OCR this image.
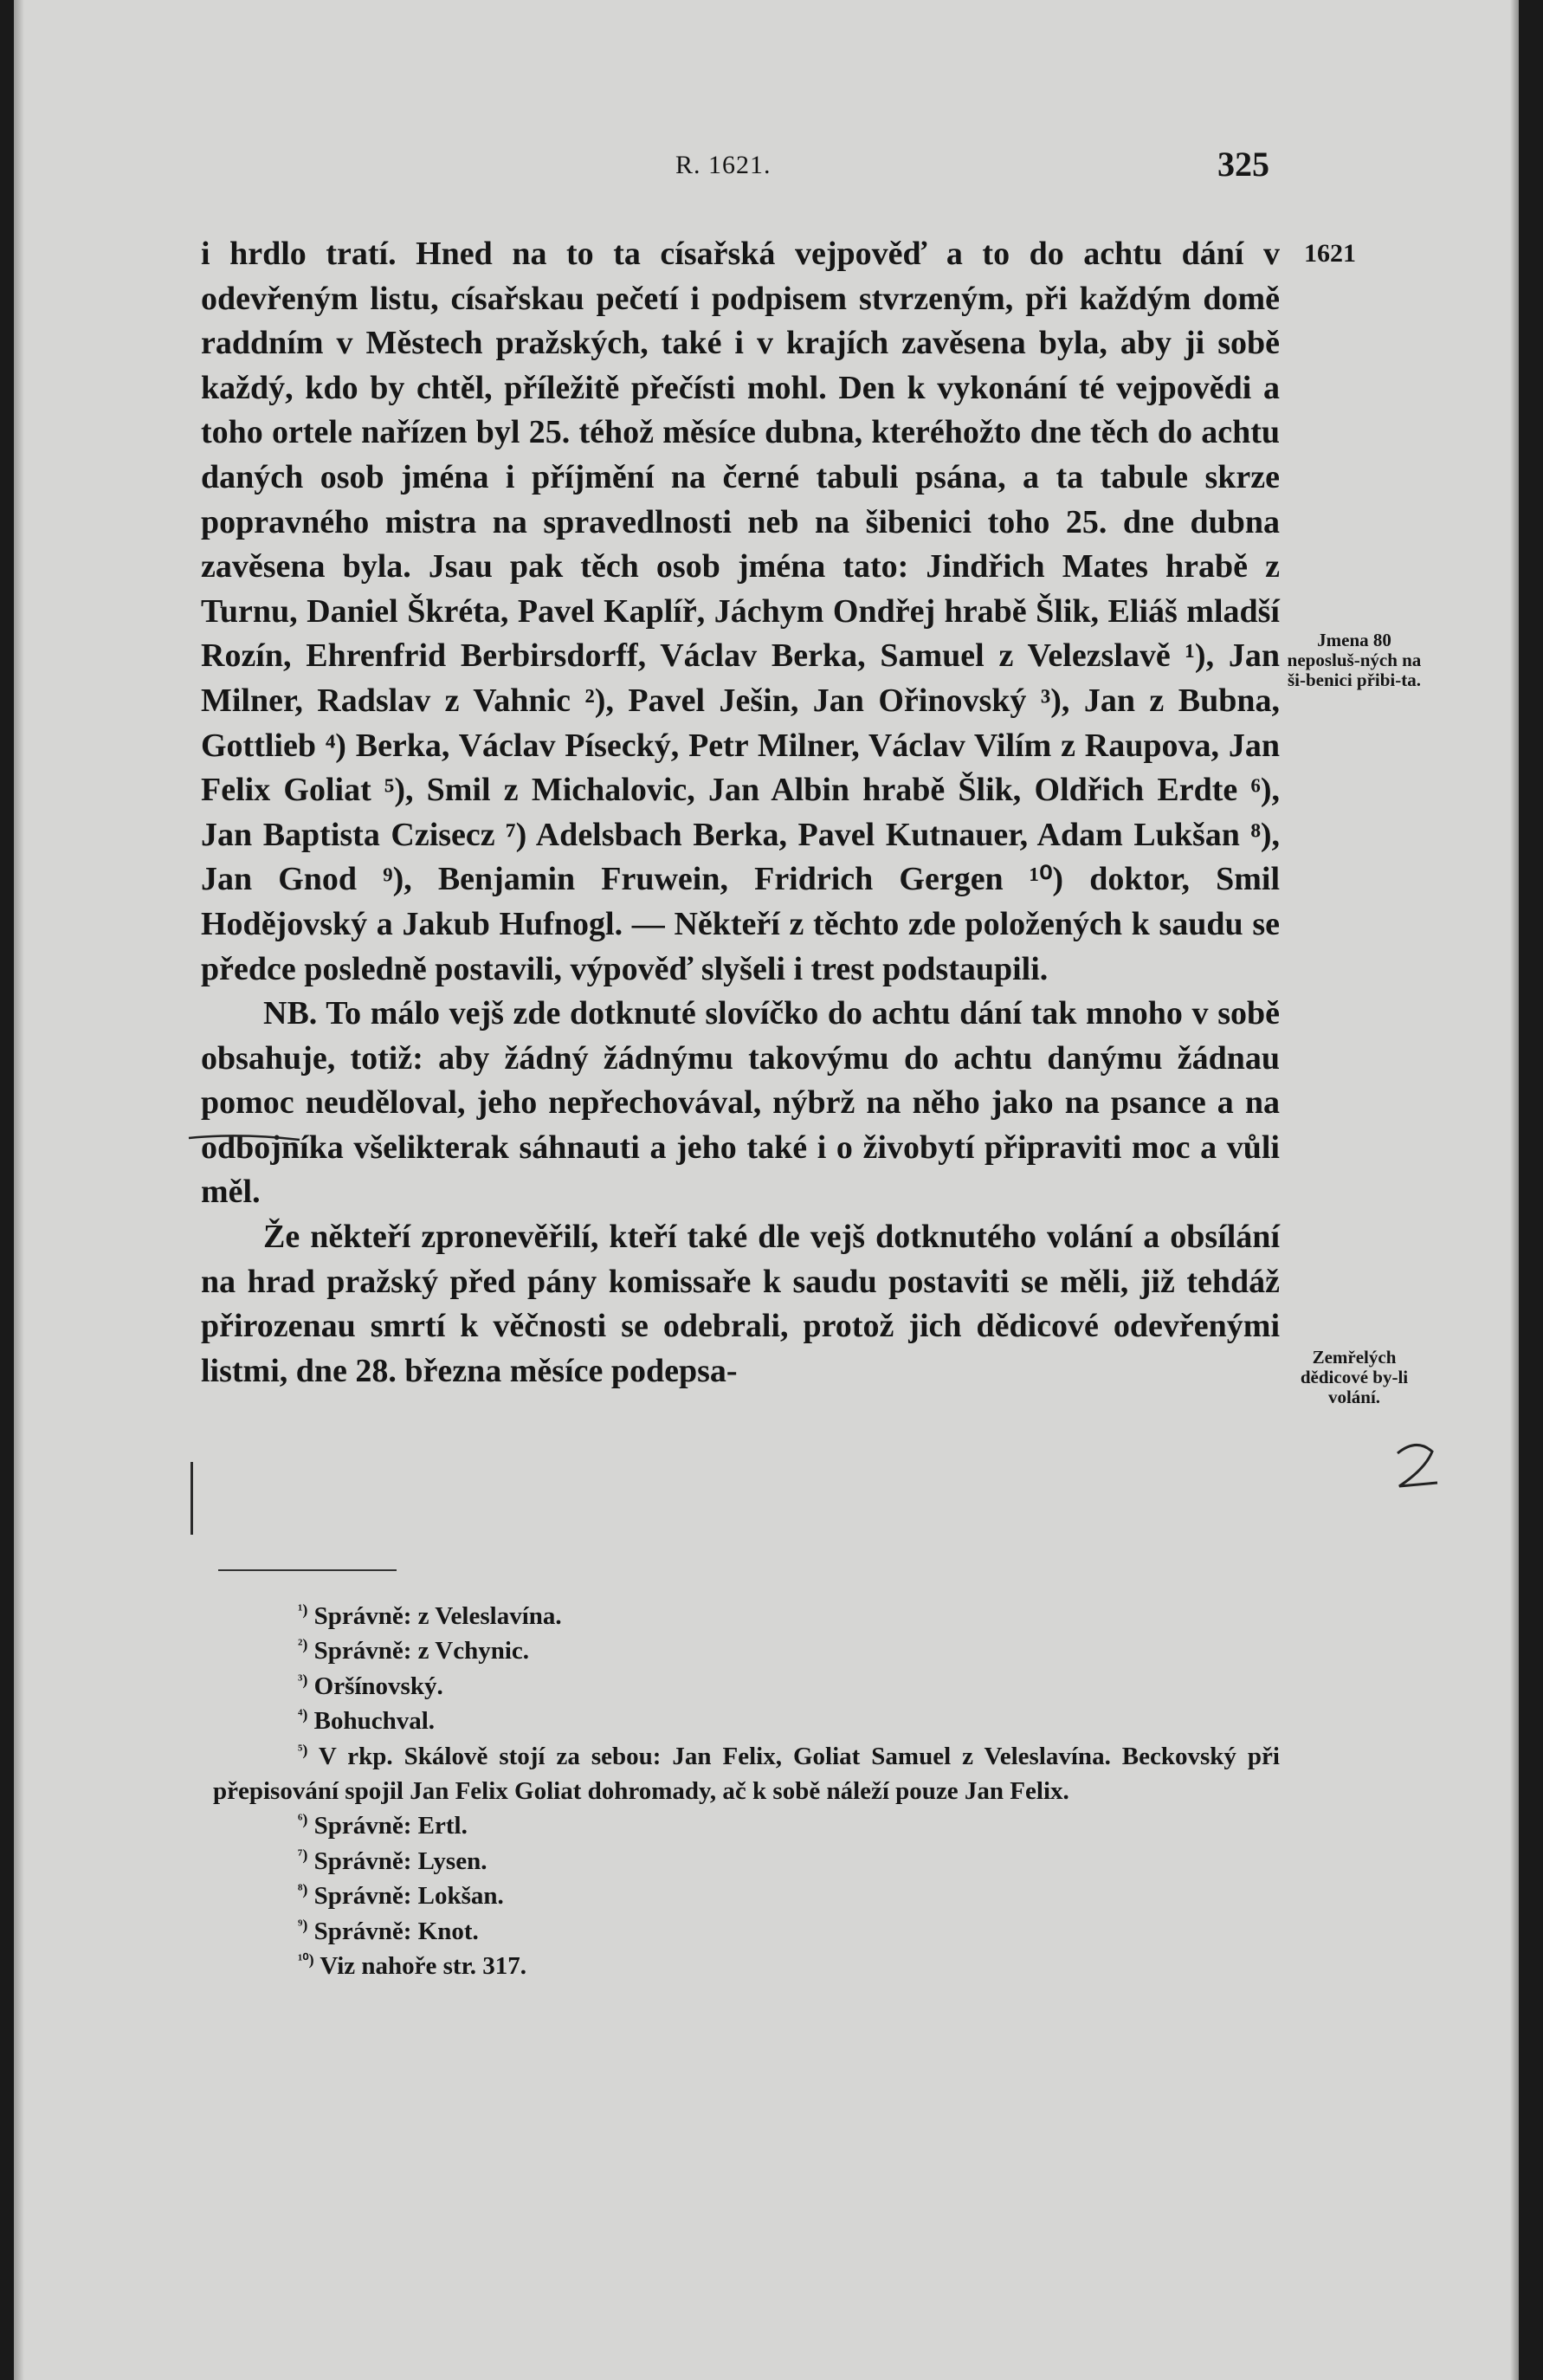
R. 1621.	325
1621
Jmena 80 neposluš-ných na ši-benici přibi-ta.
Zemřelých dědicové by-li volání.

i hrdlo tratí. Hned na to ta císařská vejpověď a to do achtu dání v odevřeným listu, císařskau pečetí i podpisem stvrzeným, při každým domě raddním v Městech pražských, také i v krajích zavěsena byla, aby ji sobě každý, kdo by chtěl, příležitě přečísti mohl. Den k vykonání té vejpovědi a toho ortele nařízen byl 25. téhož měsíce dubna, kteréhožto dne těch do achtu daných osob jména i příjmění na černé tabuli psána, a ta tabule skrze popravného mistra na spravedlnosti neb na šibenici toho 25. dne dubna zavěsena byla. Jsau pak těch osob jména tato: Jindřich Mates hrabě z Turnu, Daniel Škréta, Pavel Kaplíř, Jáchym Ondřej hrabě Šlik, Eliáš mladší Rozín, Ehrenfrid Berbirsdorff, Václav Berka, Samuel z Velezslavě ¹), Jan Milner, Radslav z Vahnic ²), Pavel Ješin, Jan Ořinovský ³), Jan z Bubna, Gottlieb ⁴) Berka, Václav Písecký, Petr Milner, Václav Vilím z Raupova, Jan Felix Goliat ⁵), Smil z Michalovic, Jan Albin hrabě Šlik, Oldřich Erdte ⁶), Jan Baptista Czisecz ⁷) Adelsbach Berka, Pavel Kutnauer, Adam Lukšan ⁸), Jan Gnod ⁹), Benjamin Fruwein, Fridrich Gergen ¹⁰) doktor, Smil Hodějovský a Jakub Hufnogl. — Někteří z těchto zde položených k saudu se předce posledně postavili, výpověď slyšeli i trest podstaupili.

NB. To málo vejš zde dotknuté slovíčko do achtu dání tak mnoho v sobě obsahuje, totiž: aby žádný žádnýmu takovýmu do achtu danýmu žádnau pomoc neuděloval, jeho nepřechovával, nýbrž na něho jako na psance a na odbojníka všelikterak sáhnauti a jeho také i o živobytí připraviti moc a vůli měl.

Že někteří zpronevěřilí, kteří také dle vejš dotknutého volání a obsílání na hrad pražský před pány komissaře k saudu postaviti se měli, již tehdáž přirozenau smrtí k věčnosti se odebrali, protož jich dědicové odevřenými listmi, dne 28. března měsíce podepsa-

$^{^1)}$ Správně: z Veleslavína.

$^{^2)}$ Správně: z Vchynic.

$^{^3)}$ Oršínovský.

$^{^4)}$ Bohuchval.

$^{^5)}$ V rkp. Skálově stojí za sebou: Jan Felix, Goliat Samuel z Veleslavína. Beckovský při přepisování spojil Jan Felix Goliat dohromady, ač k sobě náleží pouze Jan Felix.

$^{^6)}$ Správně: Ertl.

$^{^7)}$ Správně: Lysen.

$^{^8)}$ Správně: Lokšan.

$^{^9)}$ Správně: Knot.

$^{^{10})}$ Viz nahoře str. 317.
